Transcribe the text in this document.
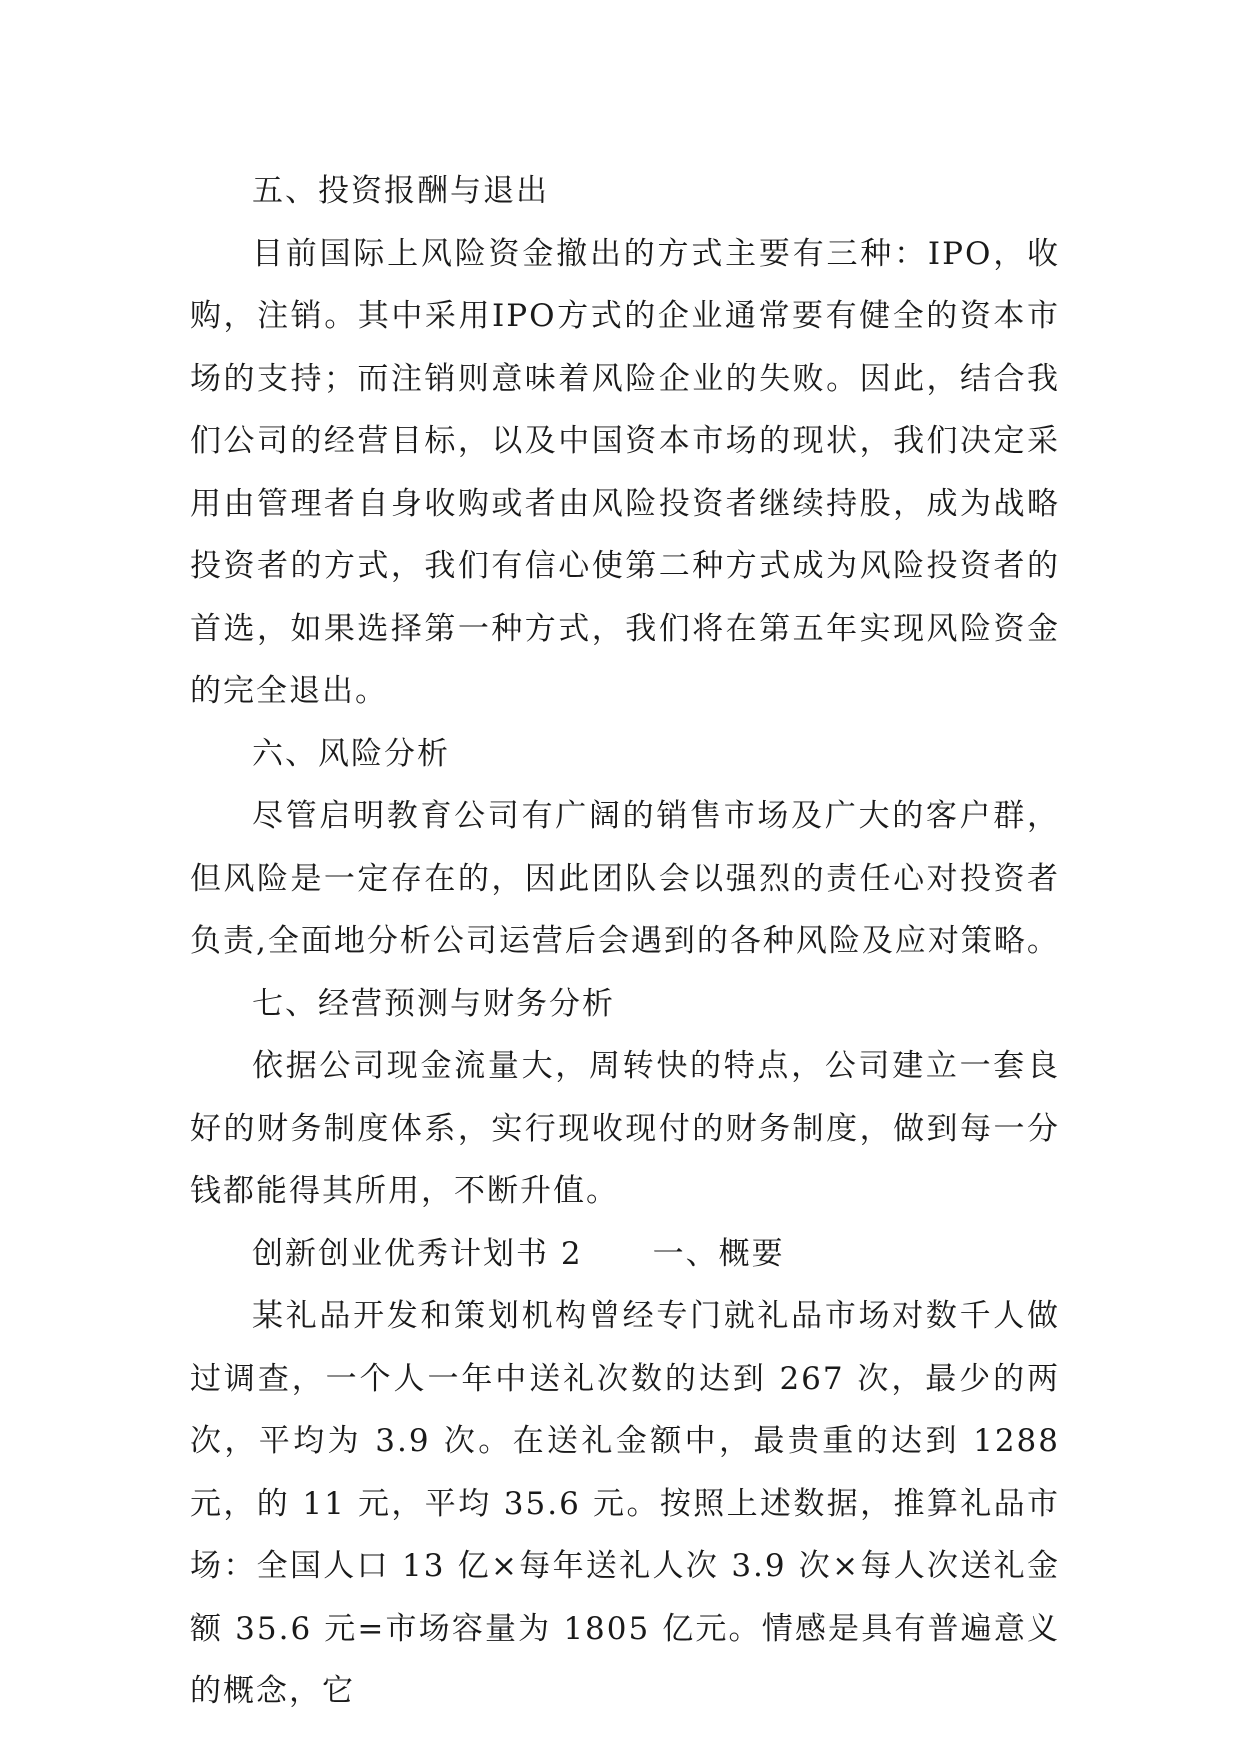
五、投资报酬与退出

目前国际上风险资金撤出的方式主要有三种：IPO，收购，注销。其中采用IPO方式的企业通常要有健全的资本市场的支持；而注销则意味着风险企业的失败。因此，结合我们公司的经营目标，以及中国资本市场的现状，我们决定采用由管理者自身收购或者由风险投资者继续持股，成为战略投资者的方式，我们有信心使第二种方式成为风险投资者的首选，如果选择第一种方式，我们将在第五年实现风险资金的完全退出。

六、风险分析

尽管启明教育公司有广阔的销售市场及广大的客户群，但风险是一定存在的，因此团队会以强烈的责任心对投资者负责,全面地分析公司运营后会遇到的各种风险及应对策略。

七、经营预测与财务分析

依据公司现金流量大，周转快的特点，公司建立一套良好的财务制度体系，实行现收现付的财务制度，做到每一分钱都能得其所用，不断升值。

创新创业优秀计划书 2 一、概要

某礼品开发和策划机构曾经专门就礼品市场对数千人做过调查，一个人一年中送礼次数的达到 267 次，最少的两次，平均为 3.9 次。在送礼金额中，最贵重的达到 1288 元，的 11 元，平均 35.6 元。按照上述数据，推算礼品市场：全国人口 13 亿×每年送礼人次 3.9 次×每人次送礼金额 35.6 元=市场容量为 1805 亿元。情感是具有普遍意义的概念，它
